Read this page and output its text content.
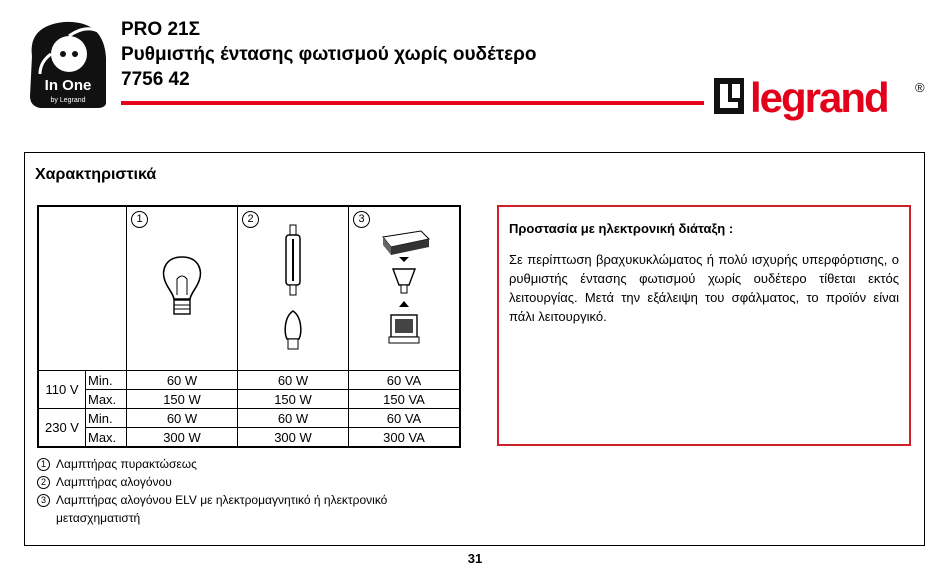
In One
by Legrand
PRO 21Σ
Ρυθμιστής έντασης φωτισμού χωρίς ουδέτερο
7756 42	legrand ®
Χαρακτηριστικά

		1	2	3

110 V	Min.	60 W	60 W	60 VA
	Max.	150 W	150 W	150 VA
230 V	Min.	60 W	60 W	60 VA
	Max.	300 W	300 W	300 VA
1 Λαμπτήρας πυρακτώσεως
2 Λαμπτήρας αλογόνου
3 Λαμπτήρας αλογόνου ELV με ηλεκτρομαγνητικό ή ηλεκτρονικό μετασχηματιστή
Προστασία με ηλεκτρονική διάταξη :
Σε περίπτωση βραχυκυκλώματος ή πολύ ισχυρής υπερφόρτισης, ο ρυθμιστής έντασης φωτισμού χωρίς ουδέτερο τίθεται εκτός λειτουργίας. Μετά την εξάλειψη του σφάλματος, το προϊόν είναι πάλι λειτουργικό.
31
